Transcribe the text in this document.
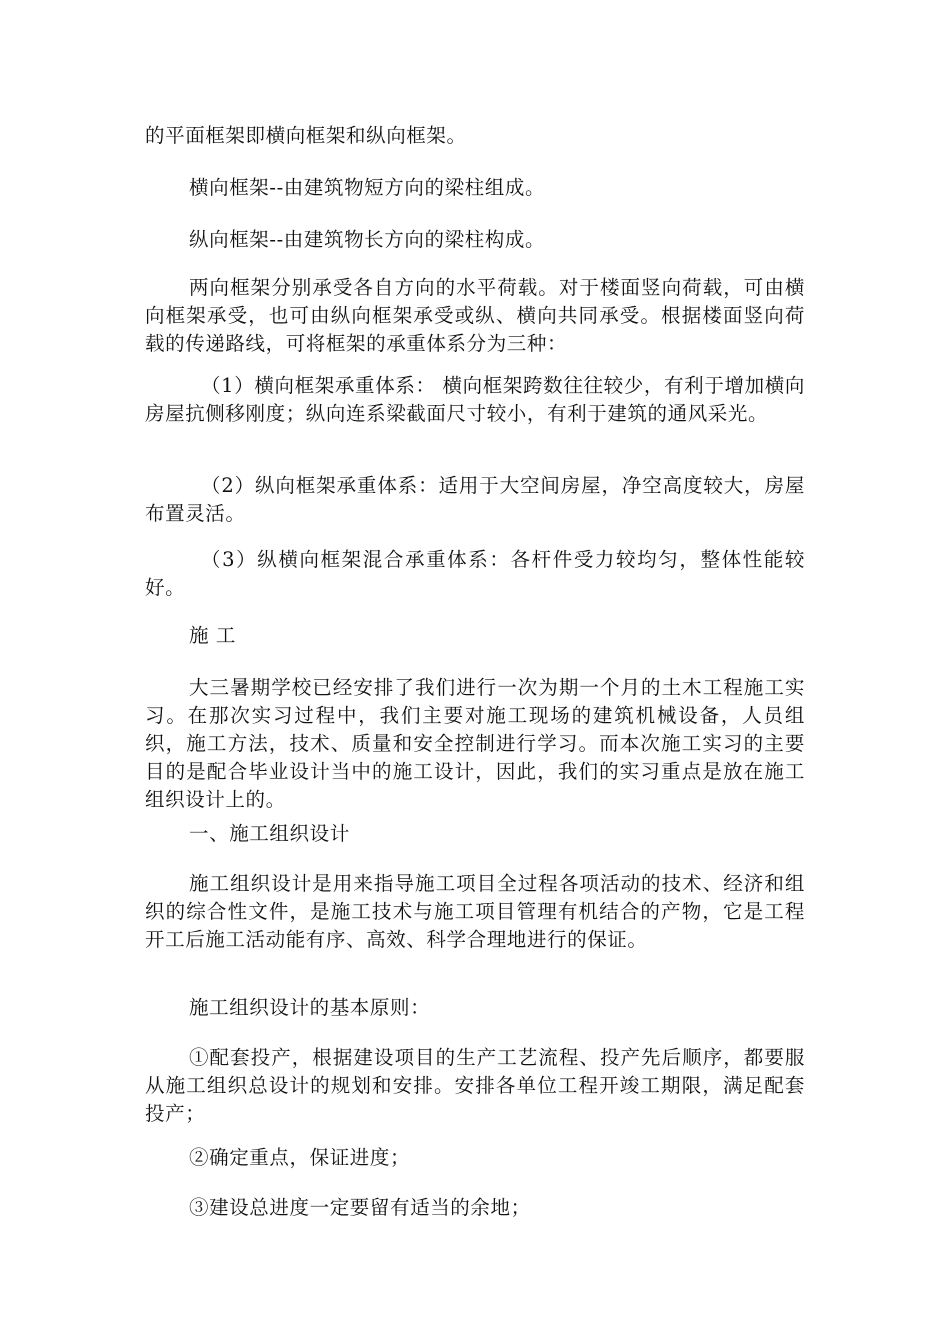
的平面框架即横向框架和纵向框架。

横向框架--由建筑物短方向的梁柱组成。

纵向框架--由建筑物长方向的梁柱构成。

两向框架分别承受各自方向的水平荷载。对于楼面竖向荷载，可由横向框架承受，也可由纵向框架承受或纵、横向共同承受。根据楼面竖向荷载的传递路线，可将框架的承重体系分为三种：

（1）横向框架承重体系： 横向框架跨数往往较少，有利于增加横向房屋抗侧移刚度；纵向连系梁截面尺寸较小，有利于建筑的通风采光。

（2）纵向框架承重体系：适用于大空间房屋，净空高度较大，房屋布置灵活。

（3）纵横向框架混合承重体系：各杆件受力较均匀，整体性能较好。

施 工

大三暑期学校已经安排了我们进行一次为期一个月的土木工程施工实习。在那次实习过程中，我们主要对施工现场的建筑机械设备，人员组织，施工方法，技术、质量和安全控制进行学习。而本次施工实习的主要目的是配合毕业设计当中的施工设计，因此，我们的实习重点是放在施工组织设计上的。

一、施工组织设计

施工组织设计是用来指导施工项目全过程各项活动的技术、经济和组织的综合性文件，是施工技术与施工项目管理有机结合的产物，它是工程开工后施工活动能有序、高效、科学合理地进行的保证。

施工组织设计的基本原则：

①配套投产，根据建设项目的生产工艺流程、投产先后顺序，都要服从施工组织总设计的规划和安排。安排各单位工程开竣工期限，满足配套投产；

②确定重点，保证进度；

③建设总进度一定要留有适当的余地；
